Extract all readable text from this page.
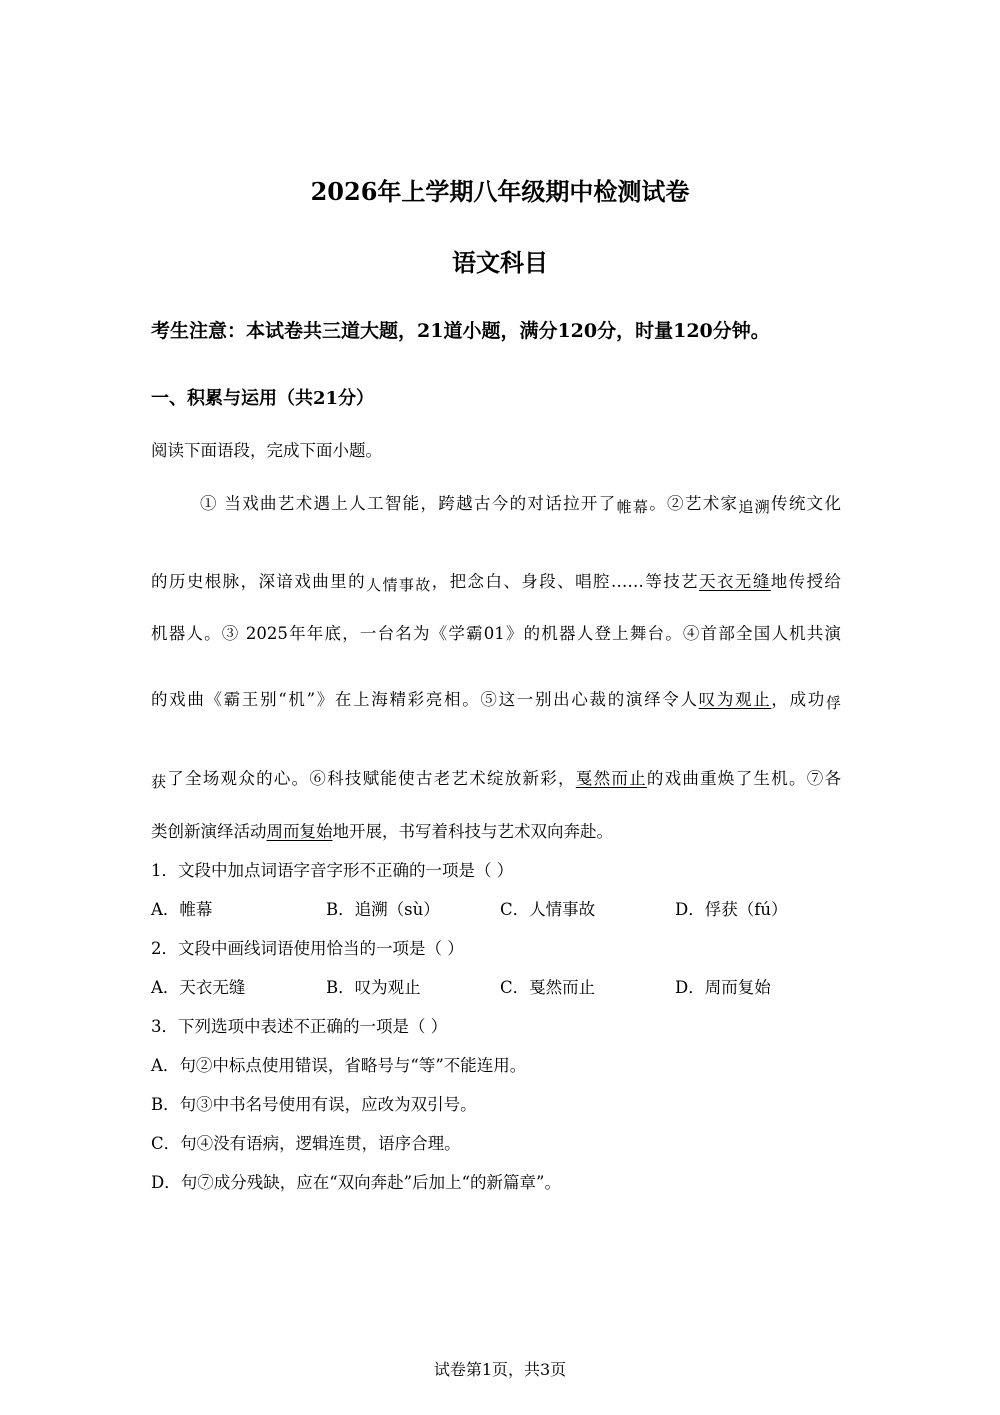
2026年上学期八年级期中检测试卷
语文科目
考生注意：本试卷共三道大题，21道小题，满分120分，时量120分钟。
一、积累与运用（共21分）
阅读下面语段，完成下面小题。
① 当戏曲艺术遇上人工智能，跨越古今的对话拉开了帷幕。②艺术家追溯传统文化
的历史根脉，深谙戏曲里的人情事故，把念白、身段、唱腔……等技艺天衣无缝地传授给
机器人。③ 2025年年底，一台名为《学霸01》的机器人登上舞台。④首部全国人机共演
的戏曲《霸王别“机”》在上海精彩亮相。⑤这一别出心裁的演绎令人叹为观止，成功俘
获了全场观众的心。⑥科技赋能使古老艺术绽放新彩，戛然而止的戏曲重焕了生机。⑦各
类创新演绎活动周而复始地开展，书写着科技与艺术双向奔赴。
1．文段中加点词语字音字形不正确的一项是（ ）
A．帷幕	B．追溯（sù）	C．人情事故	D．俘获（fú）
2．文段中画线词语使用恰当的一项是（ ）
A．天衣无缝	B．叹为观止	C．戛然而止	D．周而复始
3．下列选项中表述不正确的一项是（ ）
A．句②中标点使用错误，省略号与“等”不能连用。
B．句③中书名号使用有误，应改为双引号。
C．句④没有语病，逻辑连贯，语序合理。
D．句⑦成分残缺，应在“双向奔赴”后加上“的新篇章”。
试卷第1页，共3页
